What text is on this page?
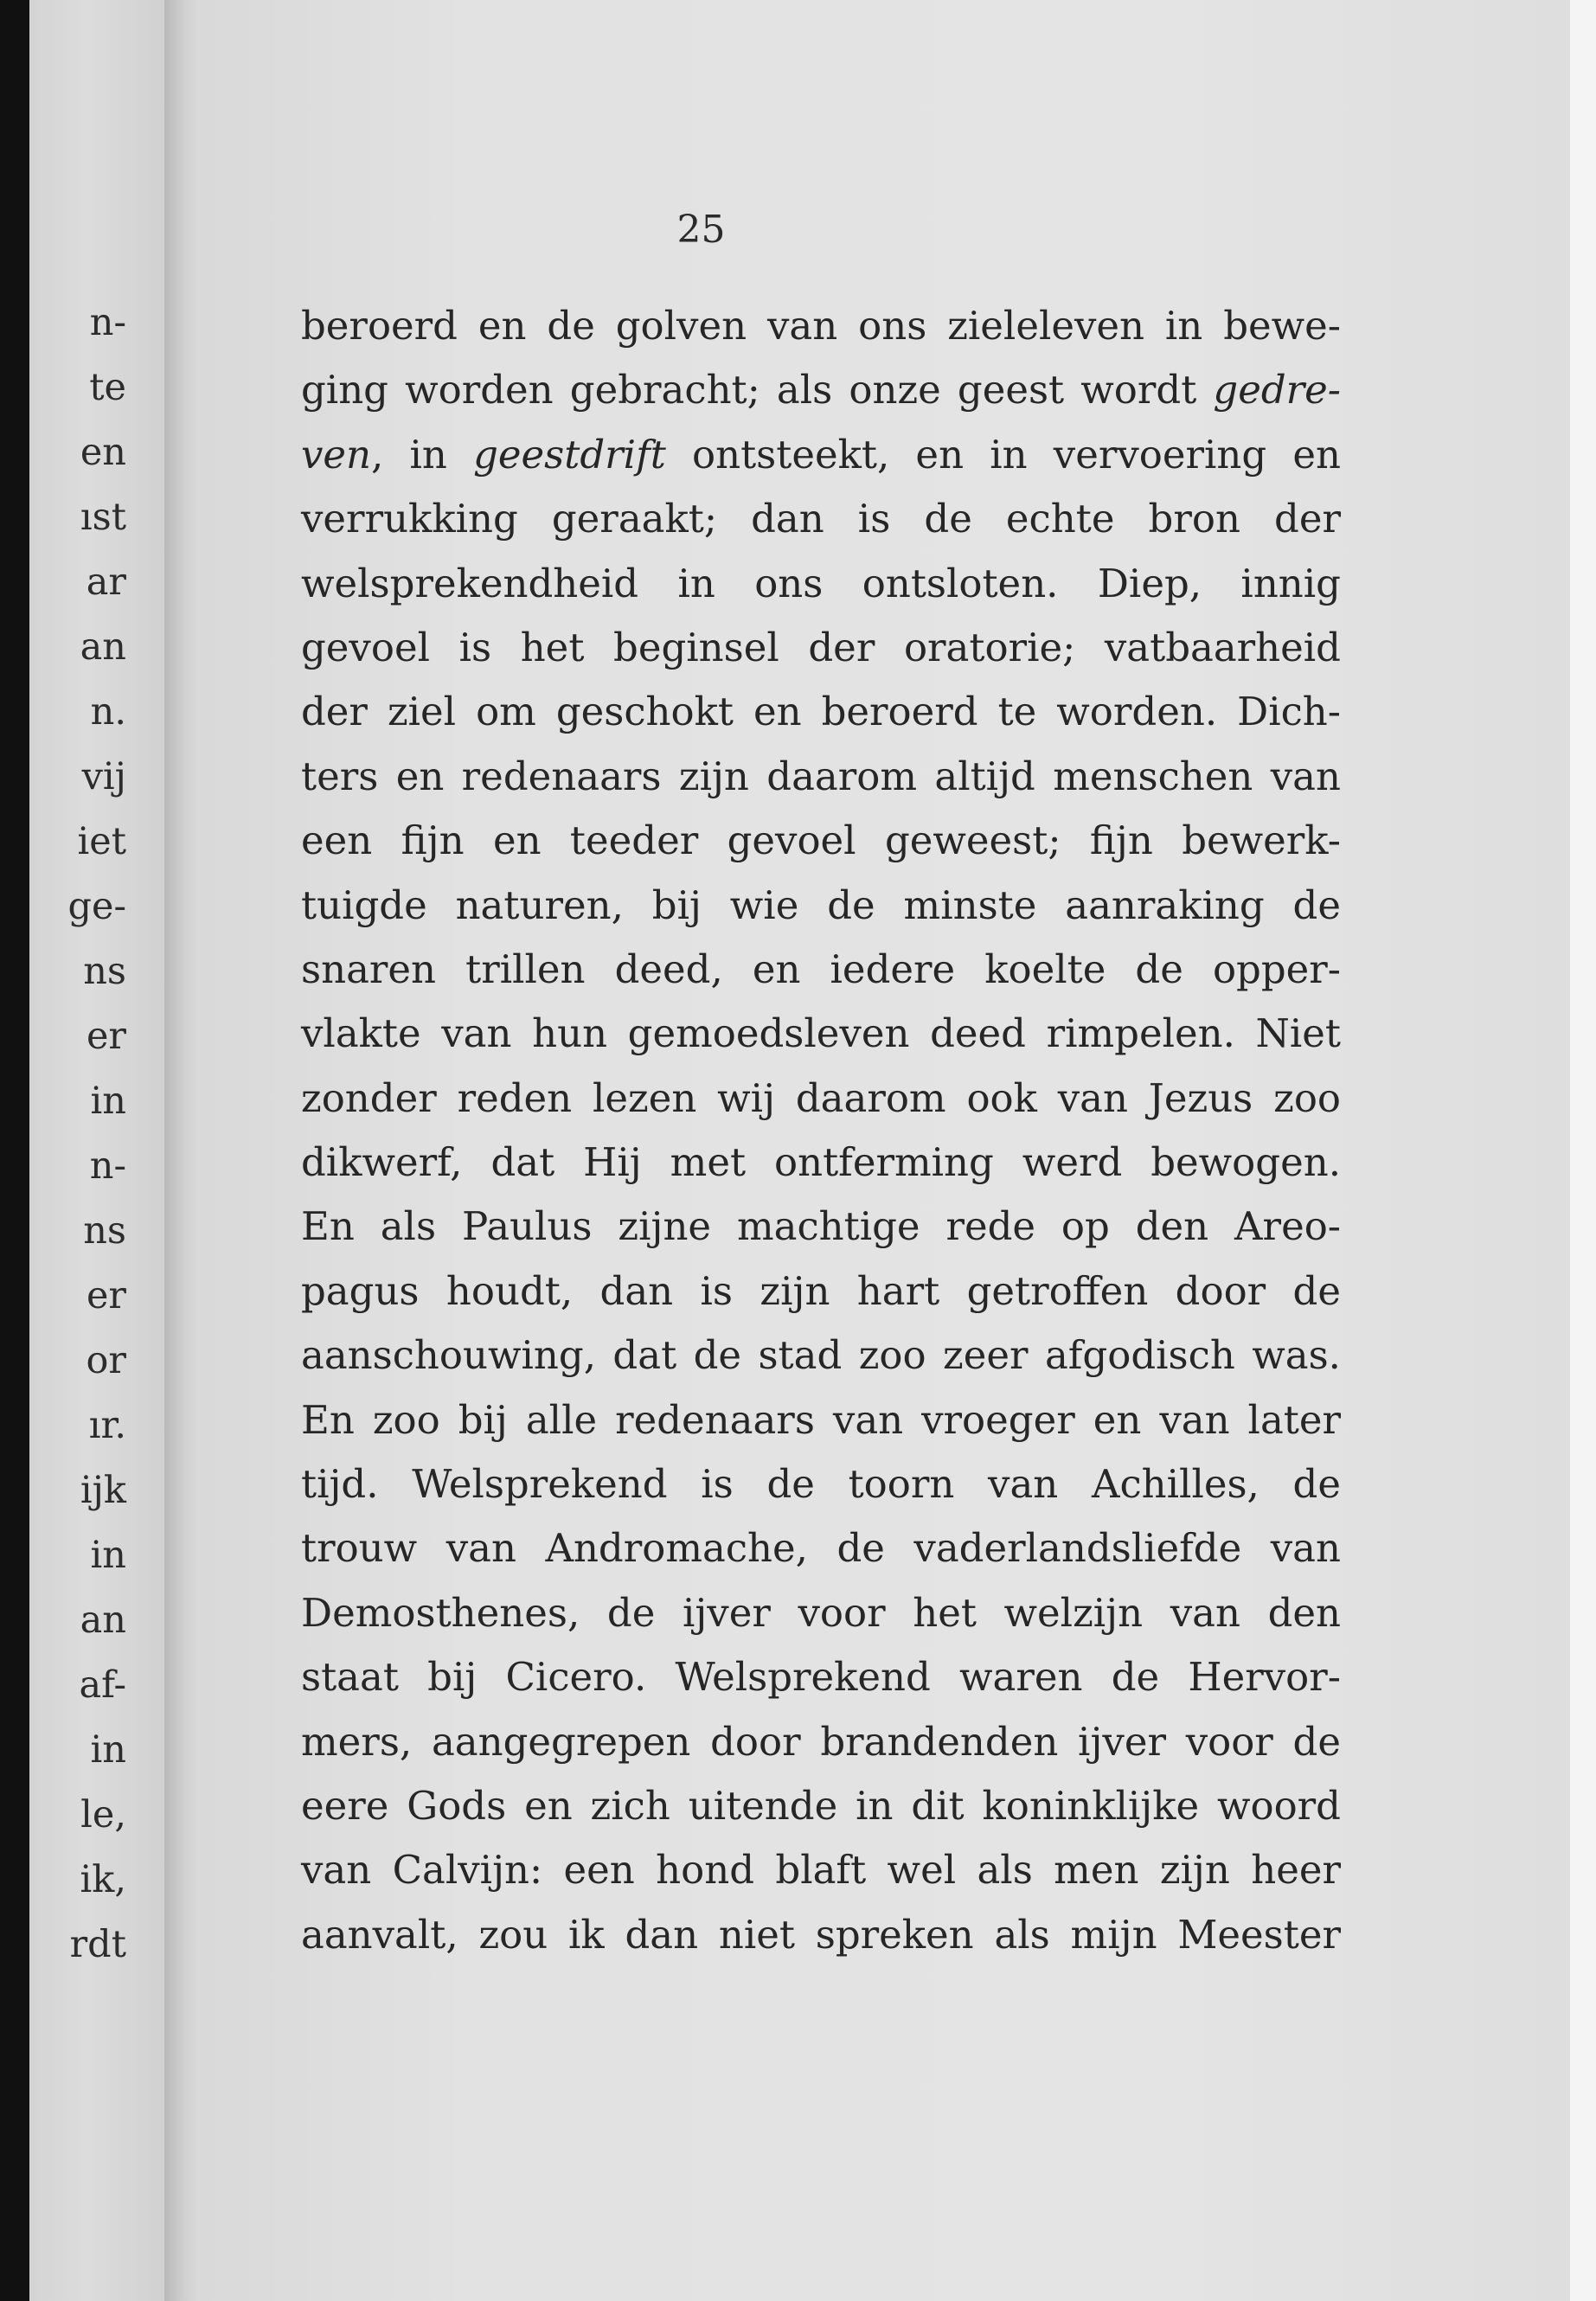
n-
te
en
ıst
ar
an
n.
vij
iet
ge-
ns
er
in
n-
ns
er
or
ır.
ijk
in
an
af-
in
le,
ik,
rdt
25
beroerd en de golven van ons zieleleven in bewe-
ging worden gebracht; als onze geest wordt gedre-
ven, in geestdrift ontsteekt, en in vervoering en
verrukking geraakt; dan is de echte bron der
welsprekendheid in ons ontsloten. Diep, innig
gevoel is het beginsel der oratorie; vatbaarheid
der ziel om geschokt en beroerd te worden. Dich-
ters en redenaars zijn daarom altijd menschen van
een fijn en teeder gevoel geweest; fijn bewerk-
tuigde naturen, bij wie de minste aanraking de
snaren trillen deed, en iedere koelte de opper-
vlakte van hun gemoedsleven deed rimpelen. Niet
zonder reden lezen wij daarom ook van Jezus zoo
dikwerf, dat Hij met ontferming werd bewogen.
En als Paulus zijne machtige rede op den Areo-
pagus houdt, dan is zijn hart getroffen door de
aanschouwing, dat de stad zoo zeer afgodisch was.
En zoo bij alle redenaars van vroeger en van later
tijd. Welsprekend is de toorn van Achilles, de
trouw van Andromache, de vaderlandsliefde van
Demosthenes, de ijver voor het welzijn van den
staat bij Cicero. Welsprekend waren de Hervor-
mers, aangegrepen door brandenden ijver voor de
eere Gods en zich uitende in dit koninklijke woord
van Calvijn: een hond blaft wel als men zijn heer
aanvalt, zou ik dan niet spreken als mijn Meester
